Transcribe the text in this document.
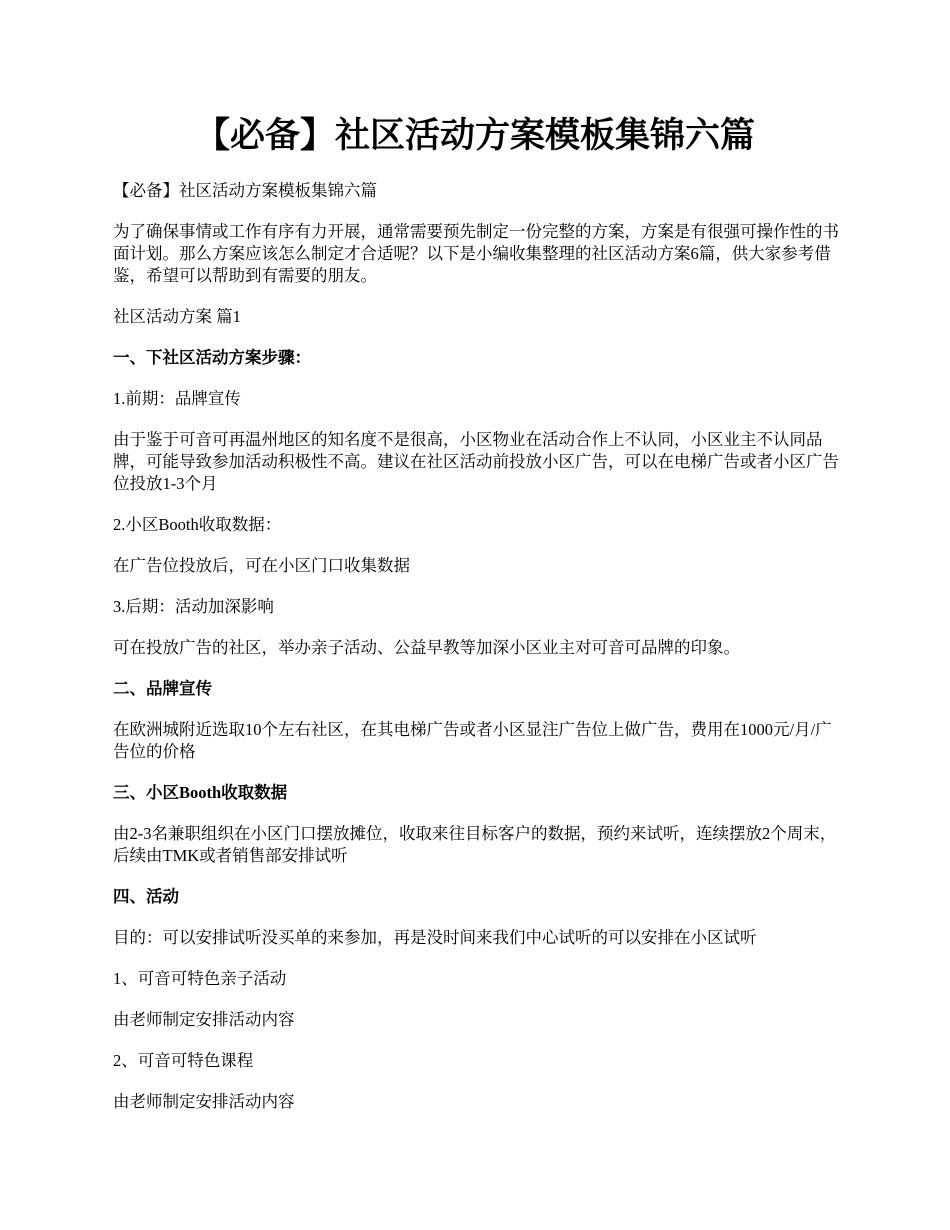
【必备】社区活动方案模板集锦六篇

【必备】社区活动方案模板集锦六篇

为了确保事情或工作有序有力开展，通常需要预先制定一份完整的方案，方案是有很强可操作性的书面计划。那么方案应该怎么制定才合适呢？以下是小编收集整理的社区活动方案6篇，供大家参考借鉴，希望可以帮助到有需要的朋友。

社区活动方案 篇1

一、下社区活动方案步骤：

1.前期：品牌宣传

由于鉴于可音可再温州地区的知名度不是很高，小区物业在活动合作上不认同，小区业主不认同品牌，可能导致参加活动积极性不高。建议在社区活动前投放小区广告，可以在电梯广告或者小区广告位投放1-3个月

2.小区Booth收取数据：

在广告位投放后，可在小区门口收集数据

3.后期：活动加深影响

可在投放广告的社区，举办亲子活动、公益早教等加深小区业主对可音可品牌的印象。

二、品牌宣传

在欧洲城附近选取10个左右社区，在其电梯广告或者小区显注广告位上做广告，费用在1000元/月/广告位的价格

三、小区Booth收取数据

由2-3名兼职组织在小区门口摆放摊位，收取来往目标客户的数据，预约来试听，连续摆放2个周末，后续由TMK或者销售部安排试听

四、活动

目的：可以安排试听没买单的来参加，再是没时间来我们中心试听的可以安排在小区试听

1、可音可特色亲子活动

由老师制定安排活动内容

2、可音可特色课程

由老师制定安排活动内容
